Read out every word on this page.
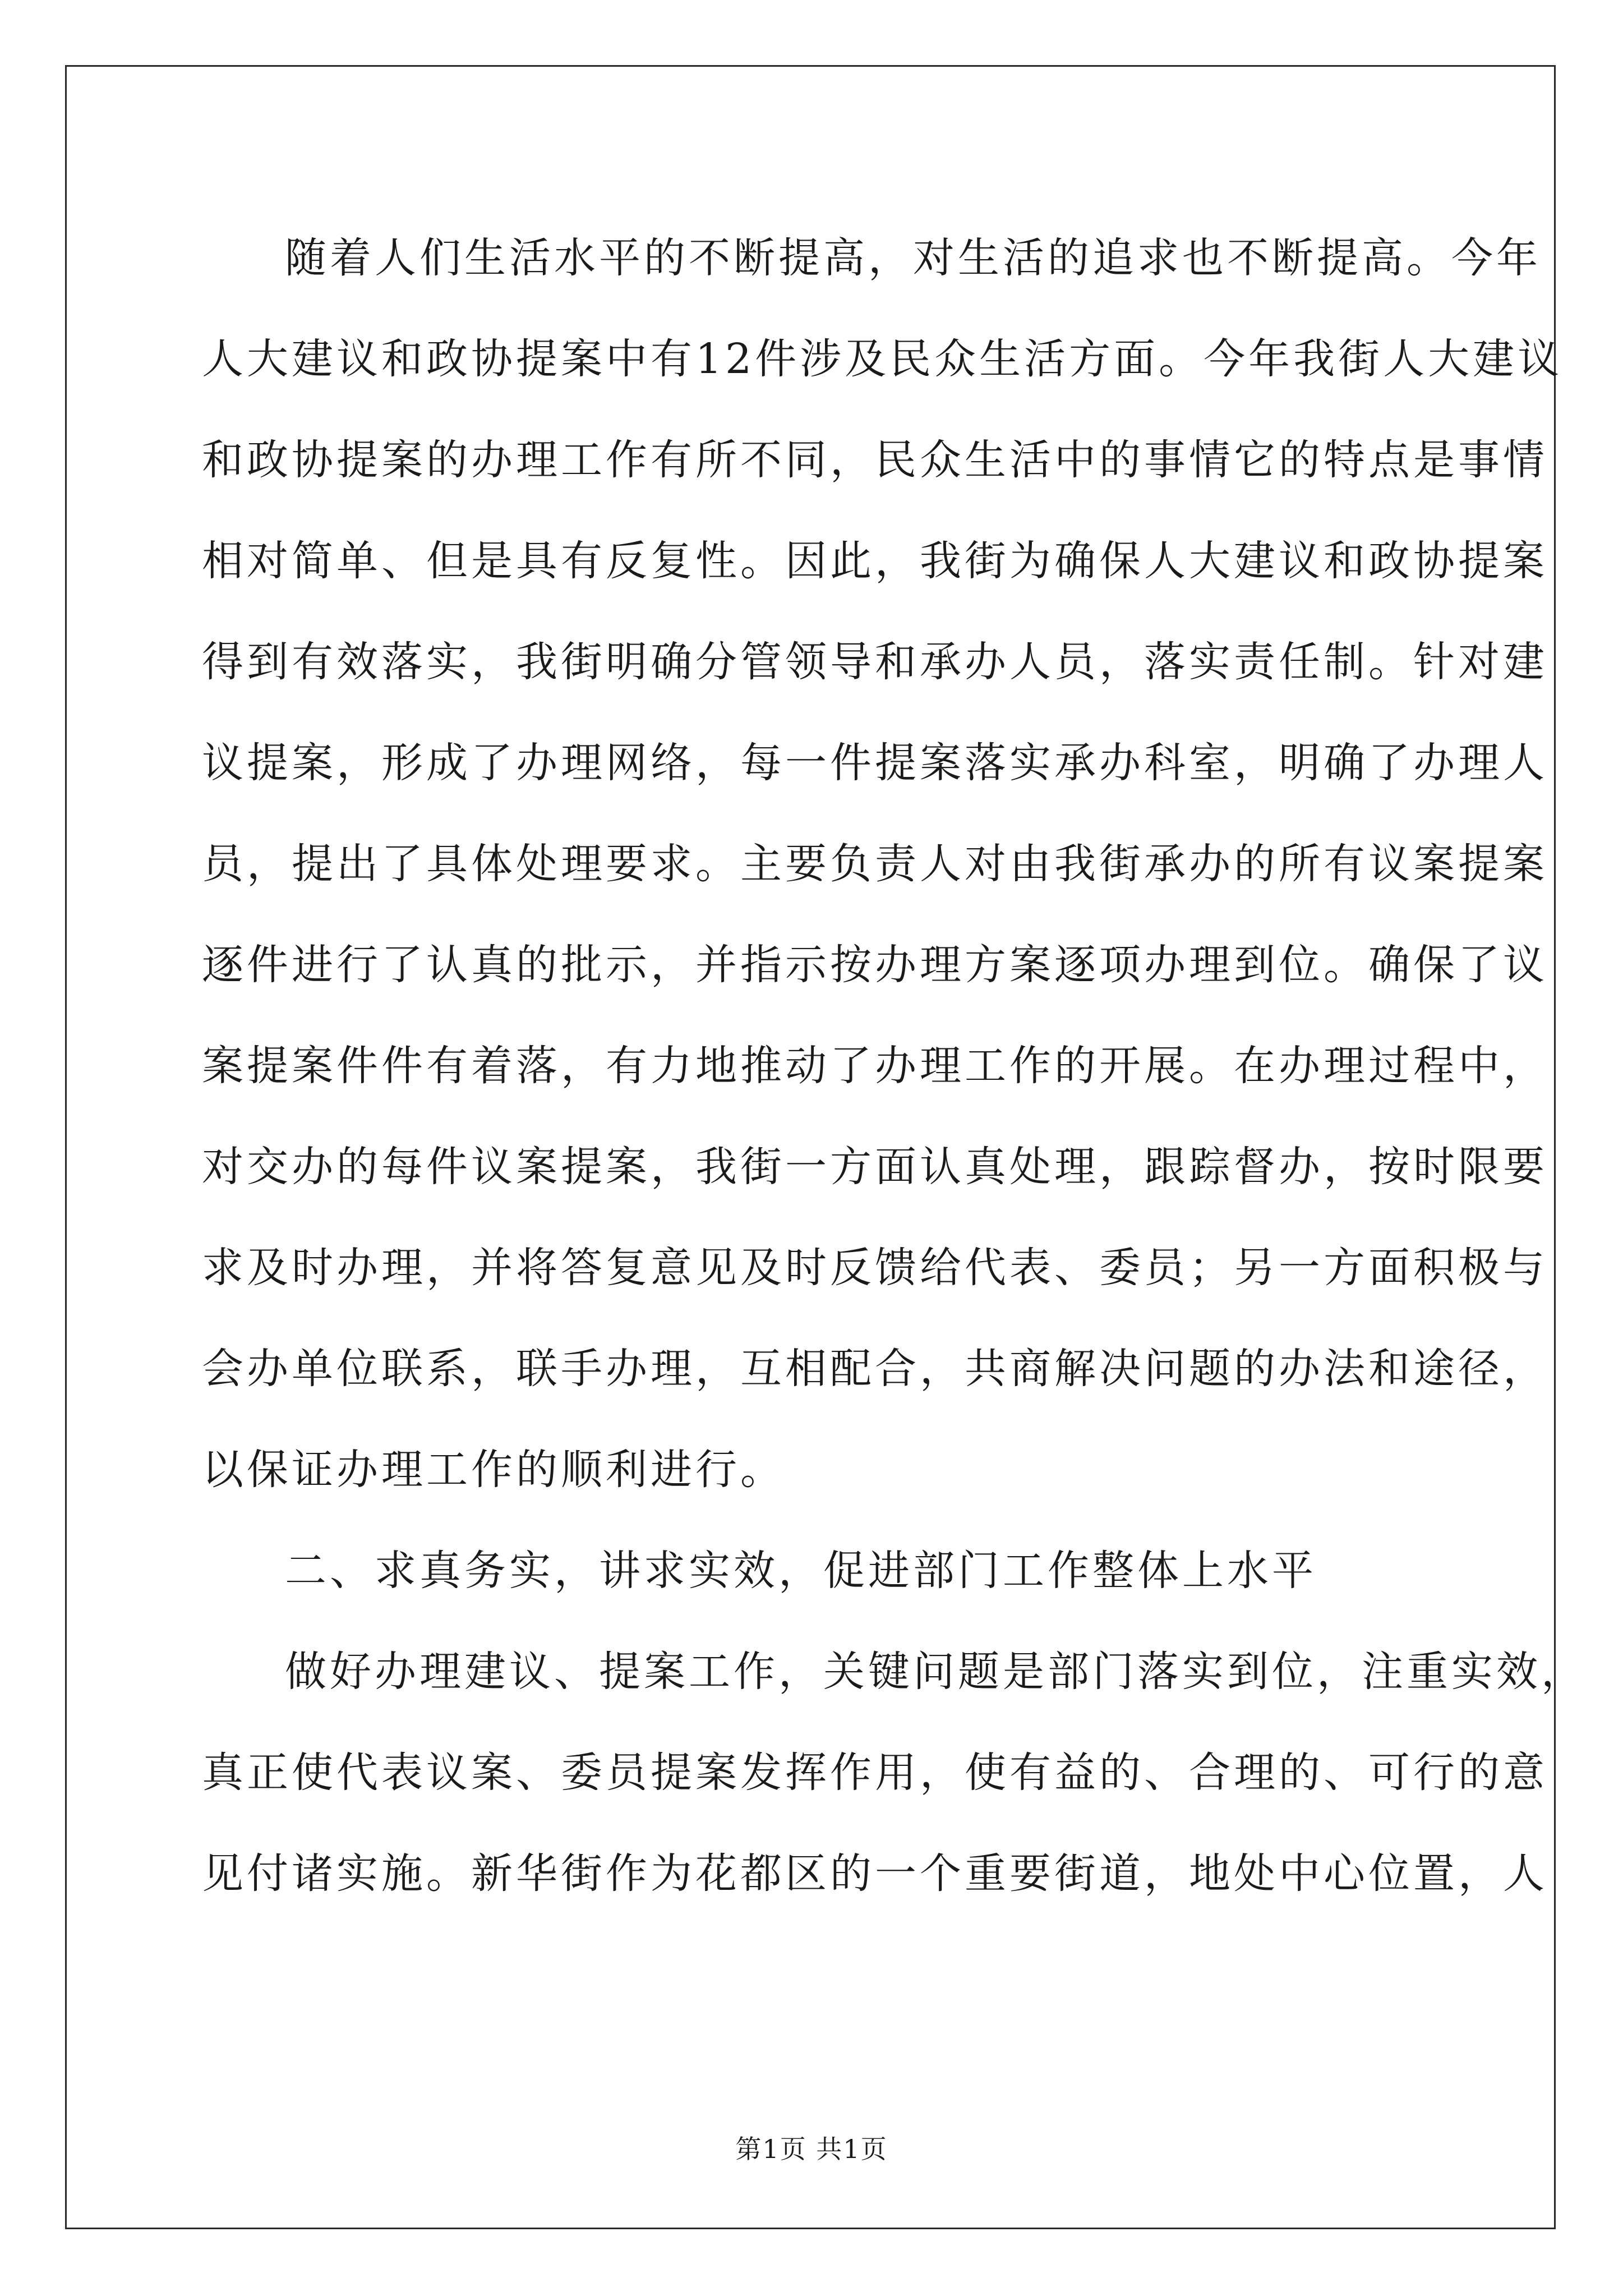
随着人们生活水平的不断提高，对生活的追求也不断提高。今年
人大建议和政协提案中有12件涉及民众生活方面。今年我街人大建议
和政协提案的办理工作有所不同，民众生活中的事情它的特点是事情
相对简单、但是具有反复性。因此，我街为确保人大建议和政协提案
得到有效落实，我街明确分管领导和承办人员，落实责任制。针对建
议提案，形成了办理网络，每一件提案落实承办科室，明确了办理人
员，提出了具体处理要求。主要负责人对由我街承办的所有议案提案
逐件进行了认真的批示，并指示按办理方案逐项办理到位。确保了议
案提案件件有着落，有力地推动了办理工作的开展。在办理过程中，
对交办的每件议案提案，我街一方面认真处理，跟踪督办，按时限要
求及时办理，并将答复意见及时反馈给代表、委员；另一方面积极与
会办单位联系，联手办理，互相配合，共商解决问题的办法和途径，
以保证办理工作的顺利进行。
二、求真务实，讲求实效，促进部门工作整体上水平
做好办理建议、提案工作，关键问题是部门落实到位，注重实效，
真正使代表议案、委员提案发挥作用，使有益的、合理的、可行的意
见付诸实施。新华街作为花都区的一个重要街道，地处中心位置，人
第1页 共1页
